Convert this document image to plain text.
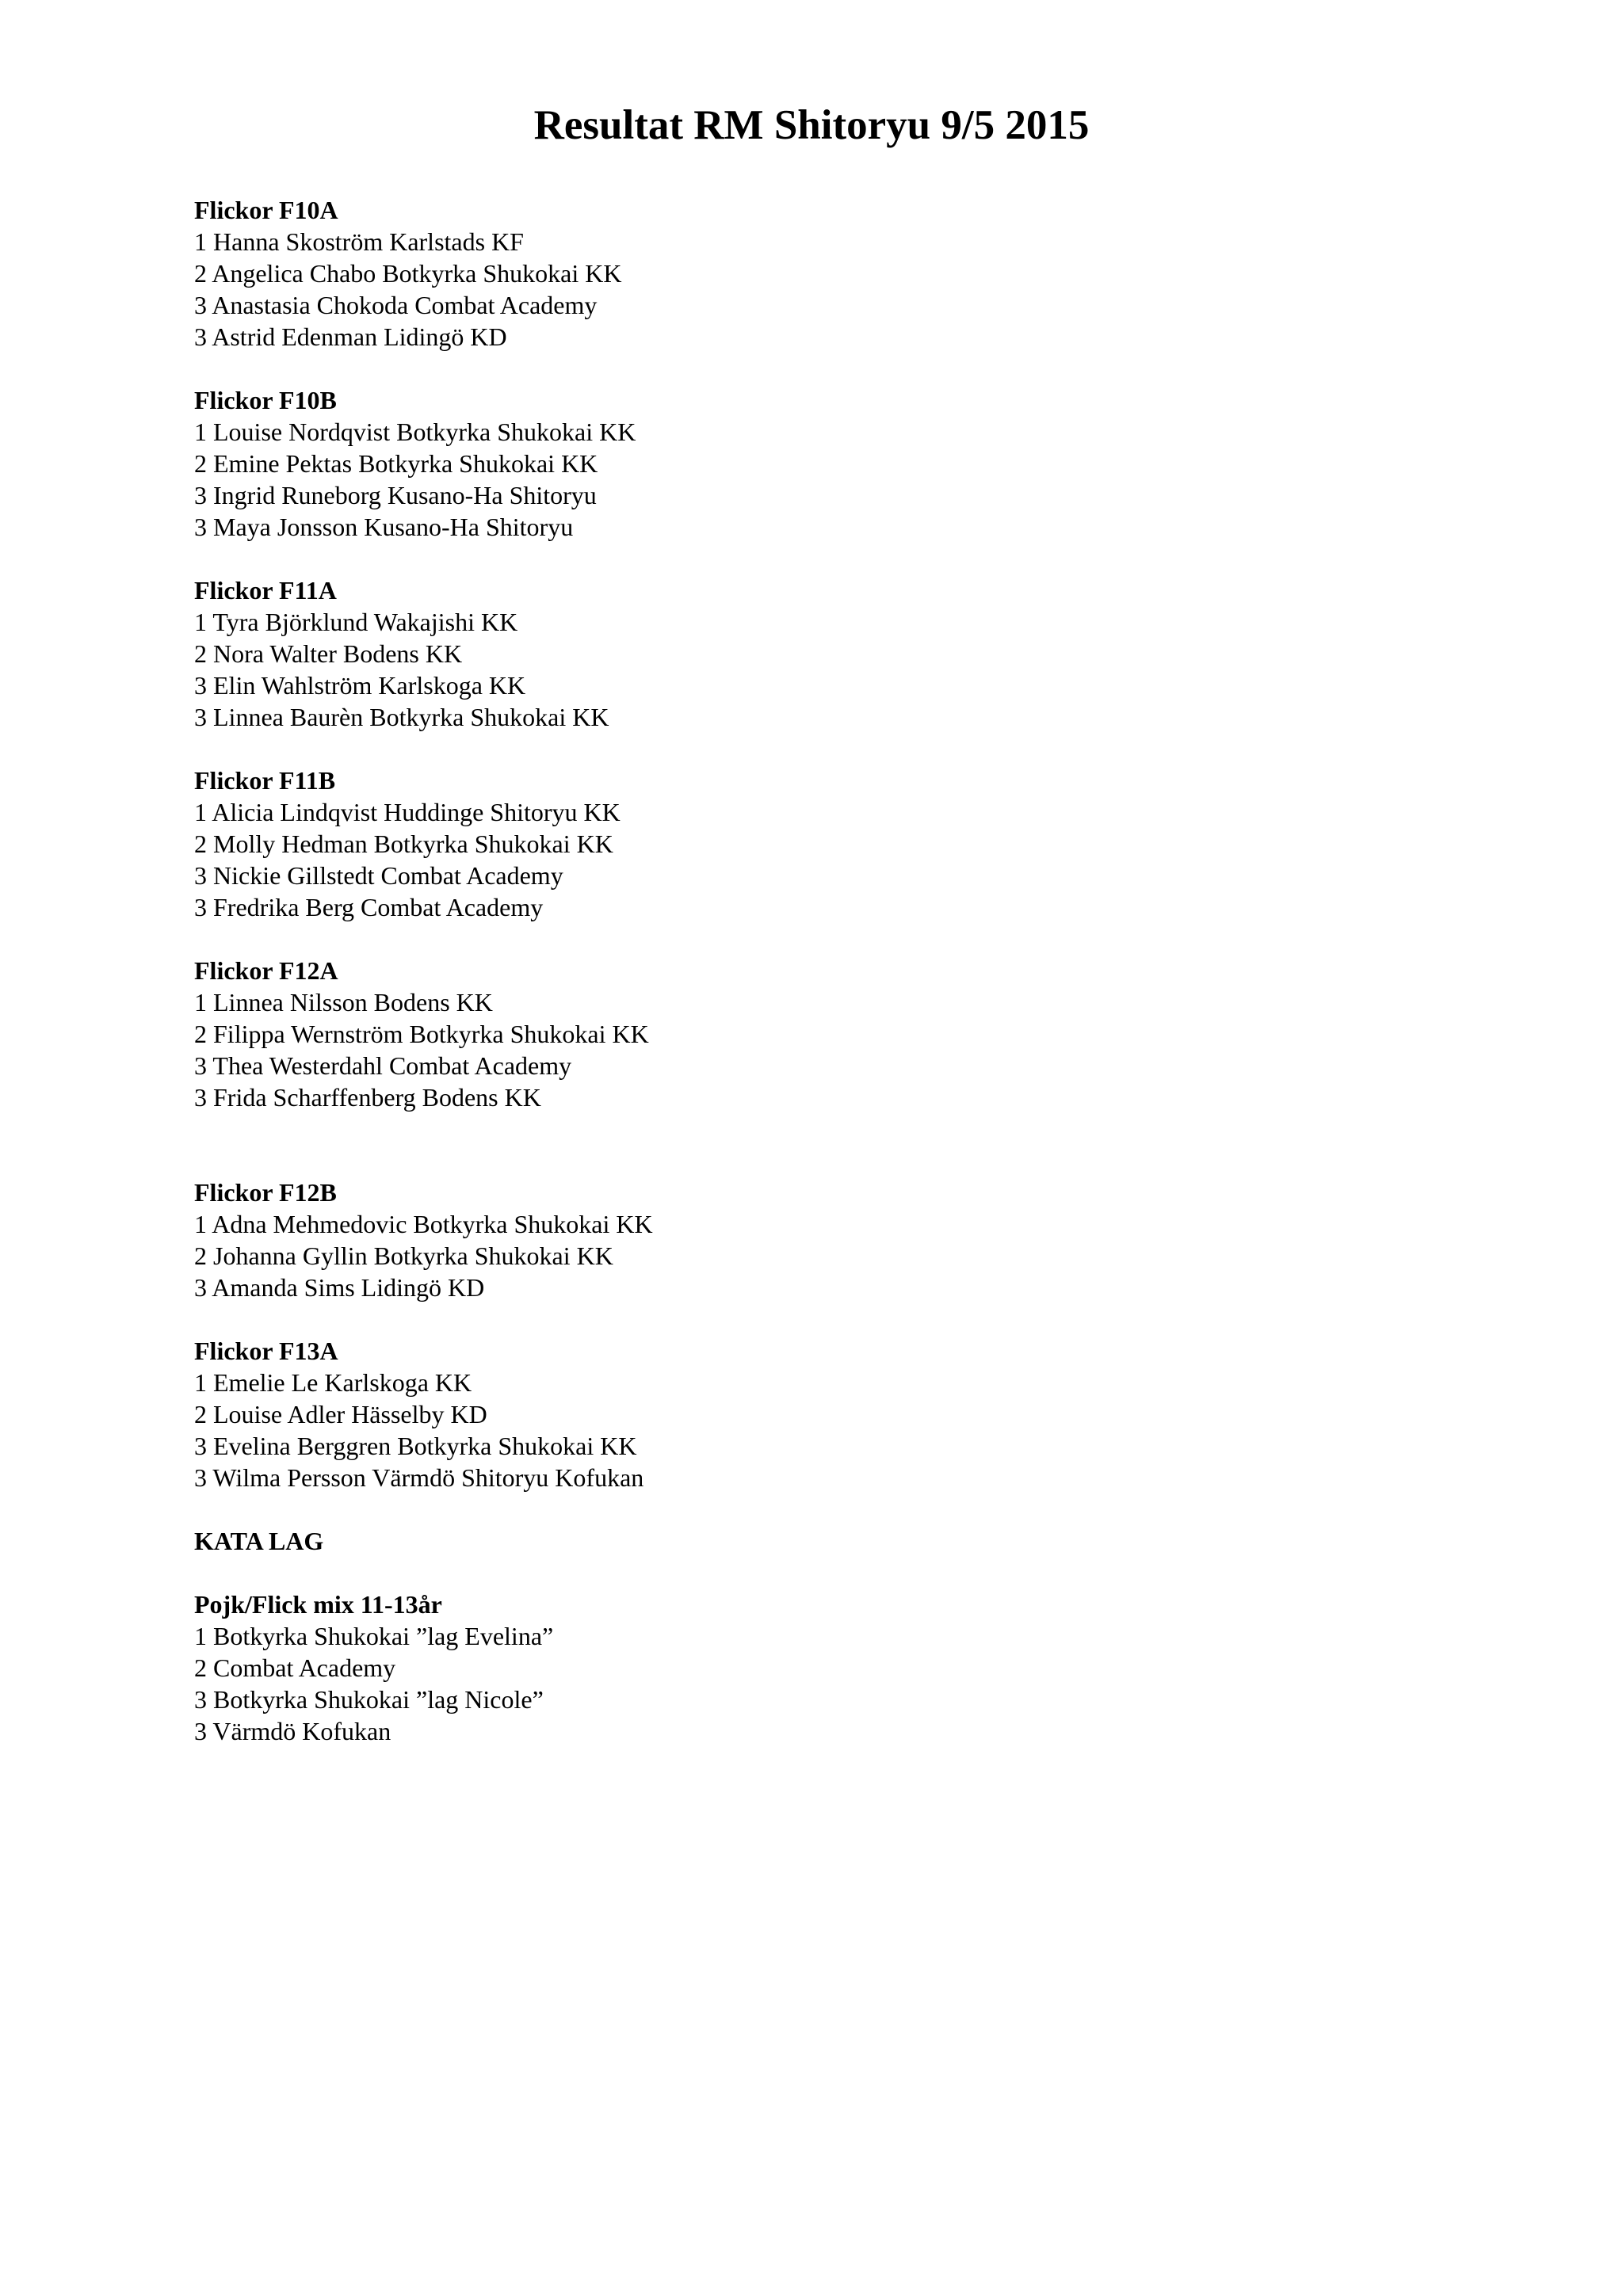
Resultat RM Shitoryu 9/5 2015

Flickor F10A

1 Hanna Skoström Karlstads KF

2 Angelica Chabo Botkyrka Shukokai KK

3 Anastasia Chokoda Combat Academy

3 Astrid Edenman Lidingö KD

Flickor F10B

1 Louise Nordqvist Botkyrka Shukokai KK

2 Emine Pektas Botkyrka Shukokai KK

3 Ingrid Runeborg Kusano-Ha Shitoryu

3 Maya Jonsson Kusano-Ha Shitoryu

Flickor F11A

1 Tyra Björklund Wakajishi KK

2 Nora Walter Bodens KK

3 Elin Wahlström Karlskoga KK

3 Linnea Baurèn Botkyrka Shukokai KK

Flickor F11B

1 Alicia Lindqvist Huddinge Shitoryu KK

2 Molly Hedman Botkyrka Shukokai KK

3 Nickie Gillstedt Combat Academy

3 Fredrika Berg Combat Academy

Flickor F12A

1 Linnea Nilsson Bodens KK

2 Filippa Wernström Botkyrka Shukokai KK

3 Thea Westerdahl Combat Academy

3 Frida Scharffenberg Bodens KK

Flickor F12B

1 Adna Mehmedovic Botkyrka Shukokai KK

2 Johanna Gyllin Botkyrka Shukokai KK

3 Amanda Sims Lidingö KD

Flickor F13A

1 Emelie Le Karlskoga KK

2 Louise Adler Hässelby KD

3 Evelina Berggren Botkyrka Shukokai KK

3 Wilma Persson Värmdö Shitoryu Kofukan

KATA LAG

Pojk/Flick mix 11-13år

1 Botkyrka Shukokai ”lag Evelina”

2 Combat Academy

3 Botkyrka Shukokai ”lag Nicole”

3 Värmdö Kofukan
